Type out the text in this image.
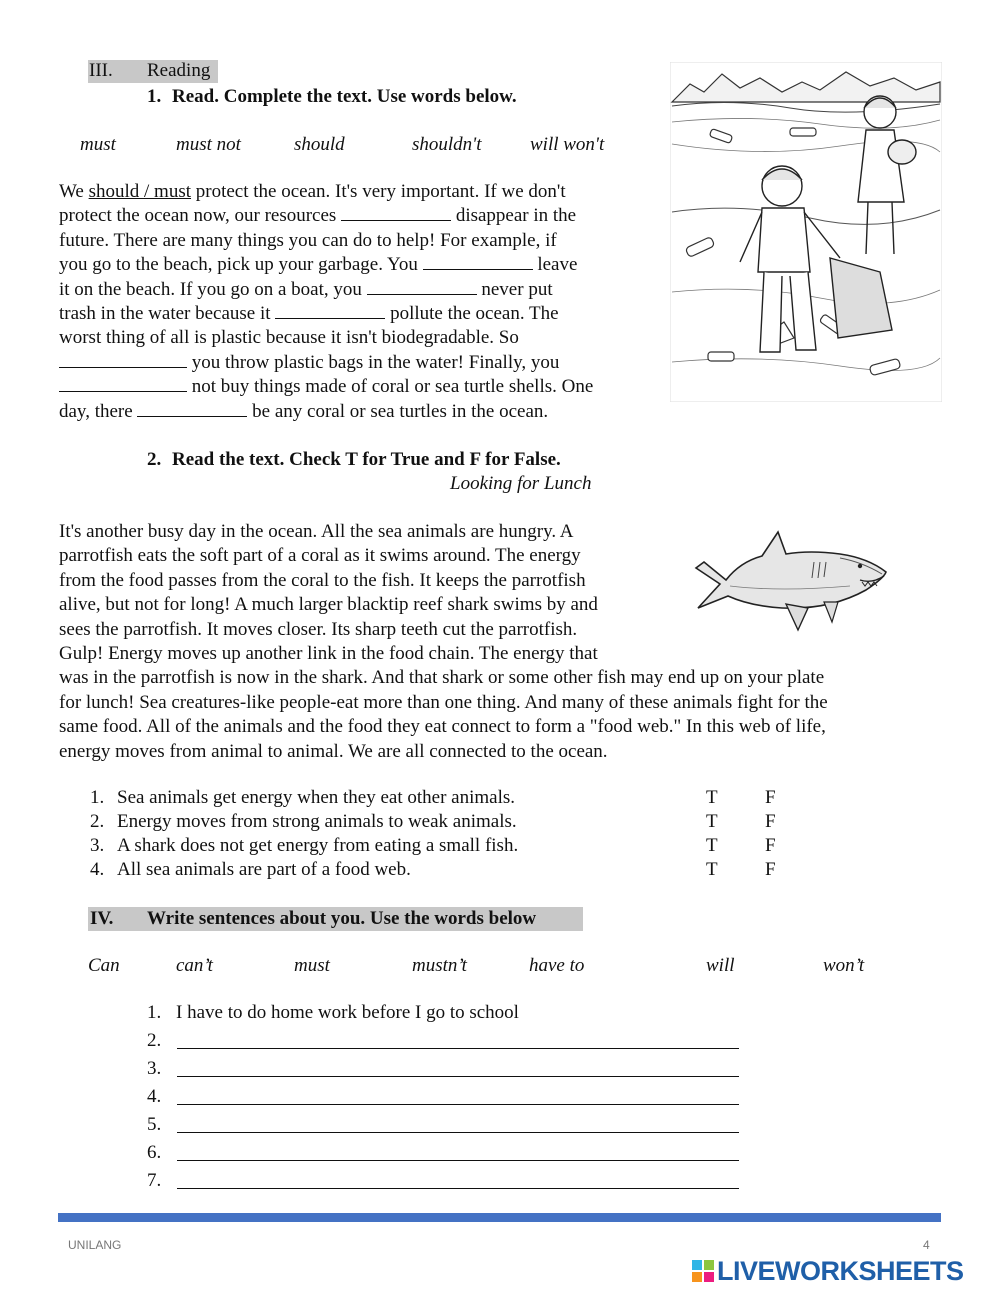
III. Reading
1. Read. Complete the text. Use words below.
must	must not	should	shouldn't	will won't

We should / must protect the ocean. It's very important. If we don't

protect the ocean now, our resources	disappear in the

future. There are many things you can do to help! For example, if

you go to the beach, pick up your garbage. You	leave

it on the beach. If you go on a boat, you	never put

trash in the water because it	pollute the ocean. The

worst thing of all is plastic because it isn't biodegradable. So

you throw plastic bags in the water! Finally, you

not buy things made of coral or sea turtle shells. One

day, there	be any coral or sea turtles in the ocean.

2. Read the text. Check T for True and F for False.
Looking for Lunch

It's another busy day in the ocean. All the sea animals are hungry. A

parrotfish eats the soft part of a coral as it swims around. The energy

from the food passes from the coral to the fish. It keeps the parrotfish

alive, but not for long! A much larger blacktip reef shark swims by and

sees the parrotfish. It moves closer. Its sharp teeth cut the parrotfish.

Gulp! Energy moves up another link in the food chain. The energy that

was in the parrotfish is now in the shark. And that shark or some other fish may end up on your plate

for lunch! Sea creatures-like people-eat more than one thing. And many of these animals fight for the

same food. All of the animals and the food they eat connect to form a "food web." In this web of life,

energy moves from animal to animal. We are all connected to the ocean.

1. Sea animals get energy when they eat other animals.	T F
2. Energy moves from strong animals to weak animals.	T F
3. A shark does not get energy from eating a small fish.	T F
4. All sea animals are part of a food web.	T F
IV. Write sentences about you. Use the words below
Can	can’t	must	mustn’t	have to	will	won’t
1. I have to do home work before I go to school
2.
3.
4.
5.
6.
7.
UNILANG	4
LIVEWORKSHEETS
